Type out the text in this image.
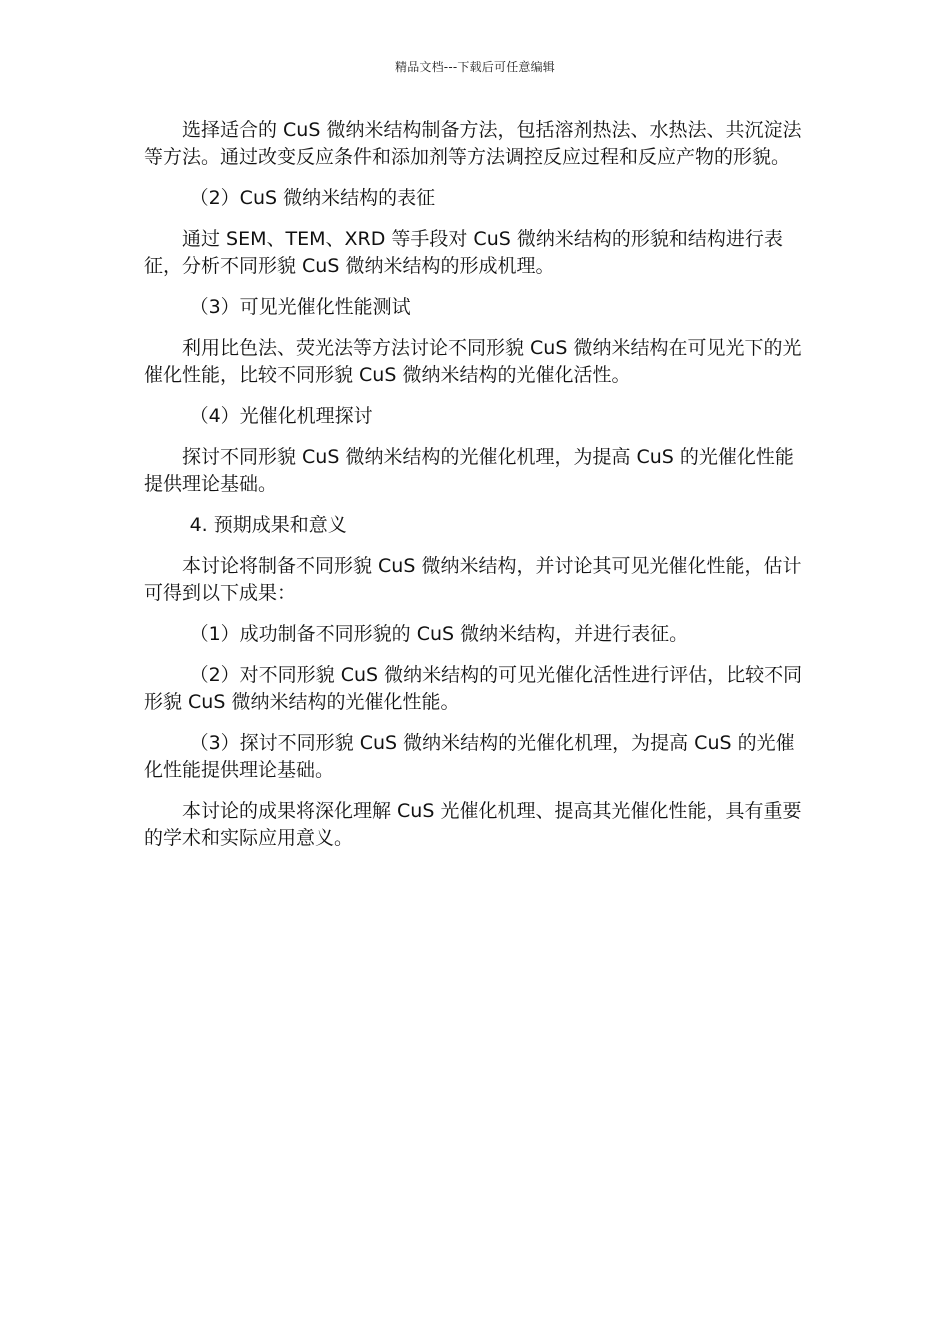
精品文档---下载后可任意编辑

选择适合的 CuS 微纳米结构制备方法，包括溶剂热法、水热法、共沉淀法等方法。通过改变反应条件和添加剂等方法调控反应过程和反应产物的形貌。

（2）CuS 微纳米结构的表征

通过 SEM、TEM、XRD 等手段对 CuS 微纳米结构的形貌和结构进行表征，分析不同形貌 CuS 微纳米结构的形成机理。

（3）可见光催化性能测试

利用比色法、荧光法等方法讨论不同形貌 CuS 微纳米结构在可见光下的光催化性能，比较不同形貌 CuS 微纳米结构的光催化活性。

（4）光催化机理探讨

探讨不同形貌 CuS 微纳米结构的光催化机理，为提高 CuS 的光催化性能提供理论基础。

4. 预期成果和意义

本讨论将制备不同形貌 CuS 微纳米结构，并讨论其可见光催化性能，估计可得到以下成果：

（1）成功制备不同形貌的 CuS 微纳米结构，并进行表征。

（2）对不同形貌 CuS 微纳米结构的可见光催化活性进行评估，比较不同形貌 CuS 微纳米结构的光催化性能。

（3）探讨不同形貌 CuS 微纳米结构的光催化机理，为提高 CuS 的光催化性能提供理论基础。

本讨论的成果将深化理解 CuS 光催化机理、提高其光催化性能，具有重要的学术和实际应用意义。
